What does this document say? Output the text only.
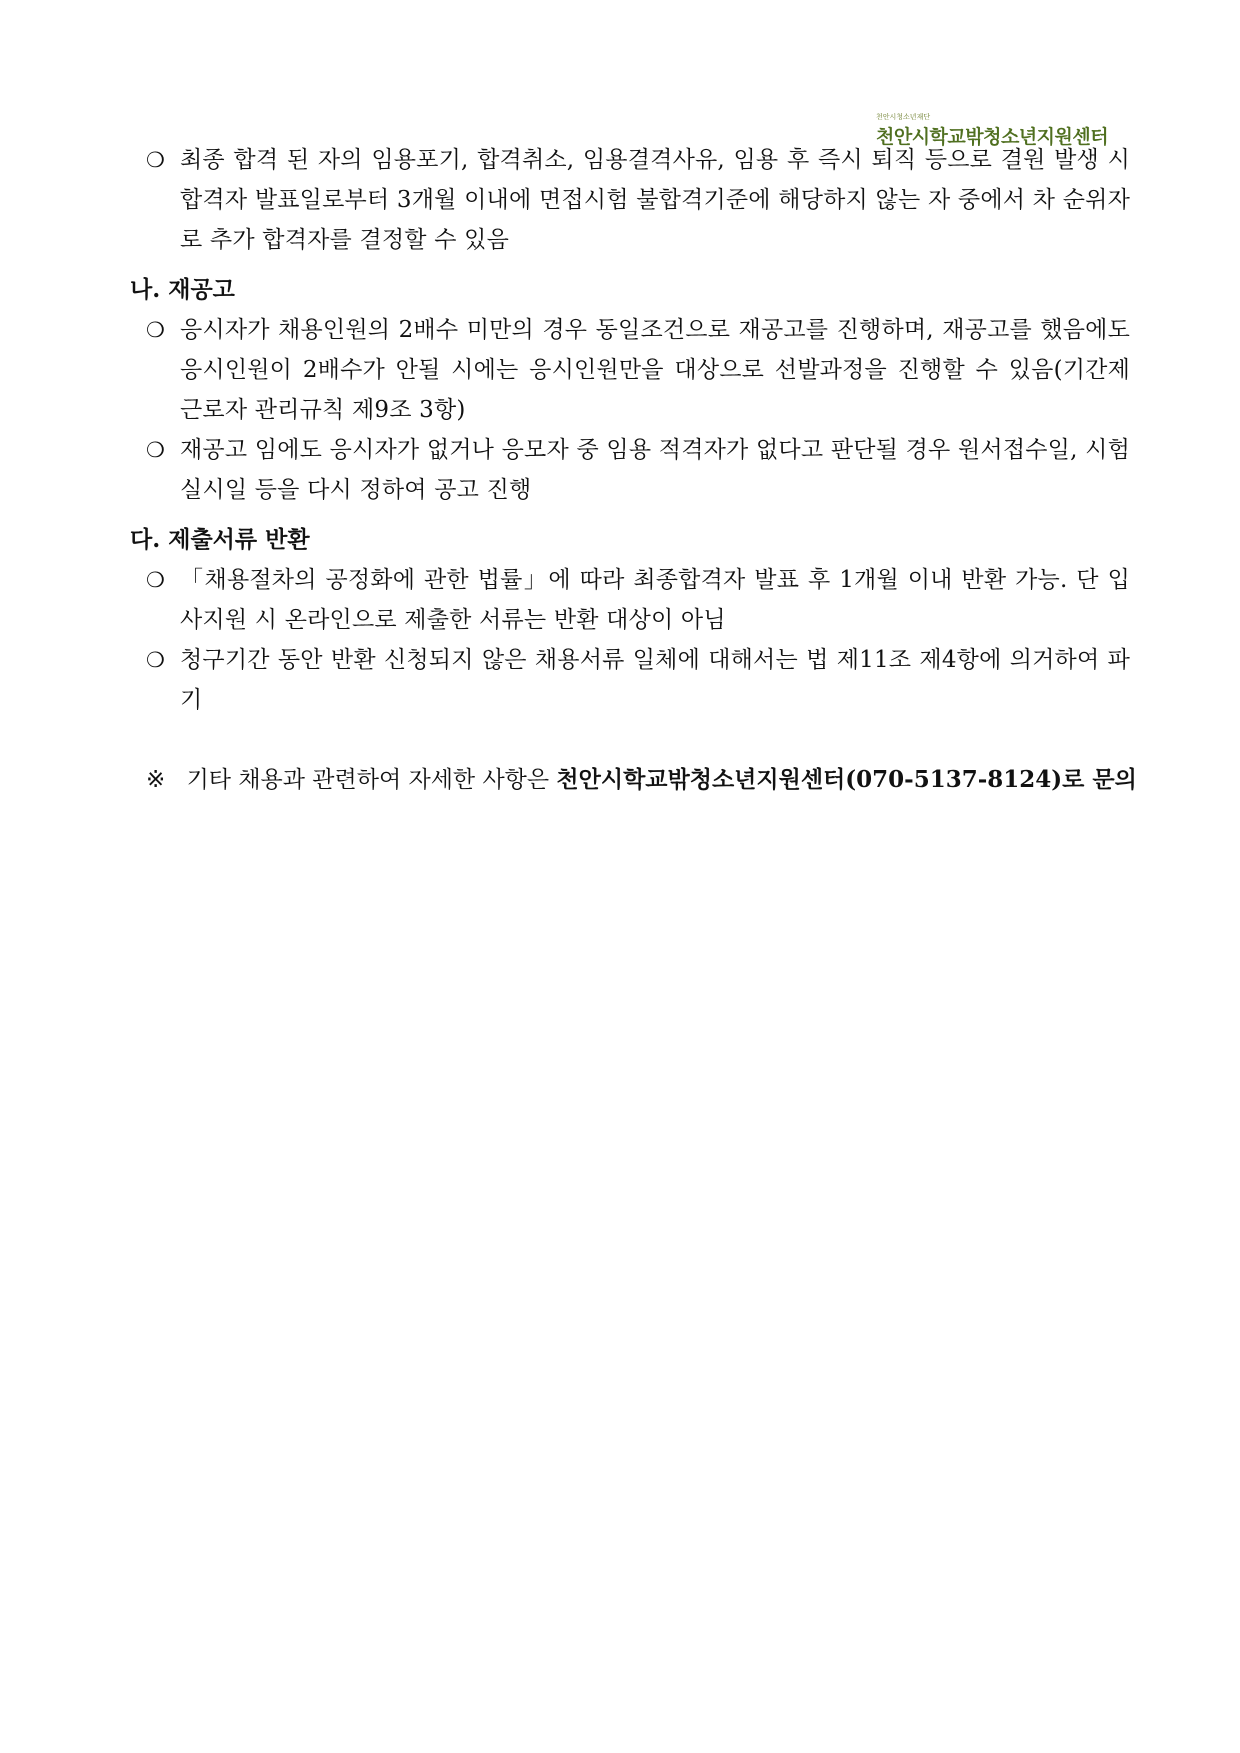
천안시청소년재단
천안시학교밖청소년지원센터
❍ 최종 합격 된 자의 임용포기, 합격취소, 임용결격사유, 임용 후 즉시 퇴직 등으로 결원 발생 시 합격자 발표일로부터 3개월 이내에 면접시험 불합격기준에 해당하지 않는 자 중에서 차 순위자로 추가 합격자를 결정할 수 있음
나. 재공고
❍ 응시자가 채용인원의 2배수 미만의 경우 동일조건으로 재공고를 진행하며, 재공고를 했음에도 응시인원이 2배수가 안될 시에는 응시인원만을 대상으로 선발과정을 진행할 수 있음(기간제 근로자 관리규칙 제9조 3항)
❍ 재공고 임에도 응시자가 없거나 응모자 중 임용 적격자가 없다고 판단될 경우 원서접수일, 시험 실시일 등을 다시 정하여 공고 진행
다. 제출서류 반환
❍ 「채용절차의 공정화에 관한 법률」에 따라 최종합격자 발표 후 1개월 이내 반환 가능. 단 입사지원 시 온라인으로 제출한 서류는 반환 대상이 아님
❍ 청구기간 동안 반환 신청되지 않은 채용서류 일체에 대해서는 법 제11조 제4항에 의거하여 파기
※ 기타 채용과 관련하여 자세한 사항은 천안시학교밖청소년지원센터(070-5137-8124)로 문의
